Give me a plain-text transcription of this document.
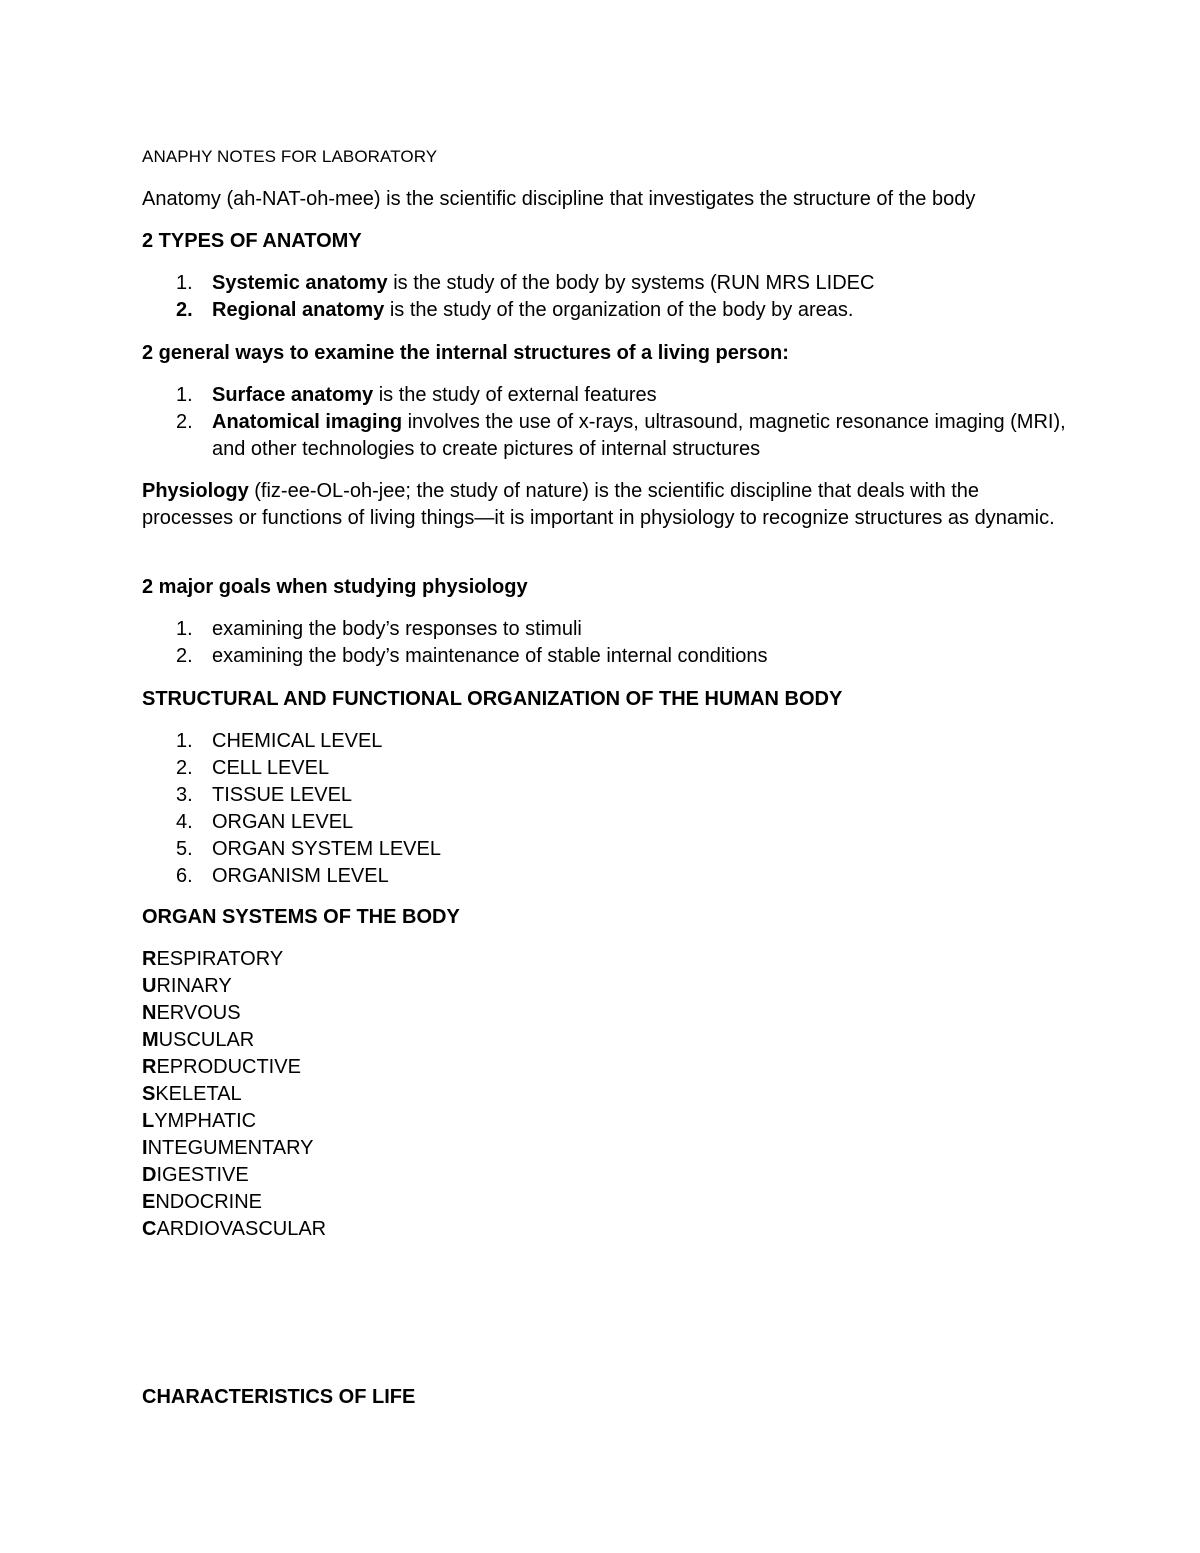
ANAPHY NOTES FOR LABORATORY

Anatomy (ah-NAT-oh-mee) is the scientific discipline that investigates the structure of the body

2 TYPES OF ANATOMY

1. Systemic anatomy is the study of the body by systems (RUN MRS LIDEC
2. Regional anatomy is the study of the organization of the body by areas.

2 general ways to examine the internal structures of a living person:

1. Surface anatomy is the study of external features
2. Anatomical imaging involves the use of x-rays, ultrasound, magnetic resonance imaging (MRI), and other technologies to create pictures of internal structures

Physiology (fiz-ee-OL-oh-jee; the study of nature) is the scientific discipline that deals with the processes or functions of living things—it is important in physiology to recognize structures as dynamic.

2 major goals when studying physiology

1. examining the body’s responses to stimuli
2. examining the body’s maintenance of stable internal conditions

STRUCTURAL AND FUNCTIONAL ORGANIZATION OF THE HUMAN BODY

1. CHEMICAL LEVEL
2. CELL LEVEL
3. TISSUE LEVEL
4. ORGAN LEVEL
5. ORGAN SYSTEM LEVEL
6. ORGANISM LEVEL

ORGAN SYSTEMS OF THE BODY

RESPIRATORY
URINARY
NERVOUS
MUSCULAR
REPRODUCTIVE
SKELETAL
LYMPHATIC
INTEGUMENTARY
DIGESTIVE
ENDOCRINE
CARDIOVASCULAR

CHARACTERISTICS OF LIFE
